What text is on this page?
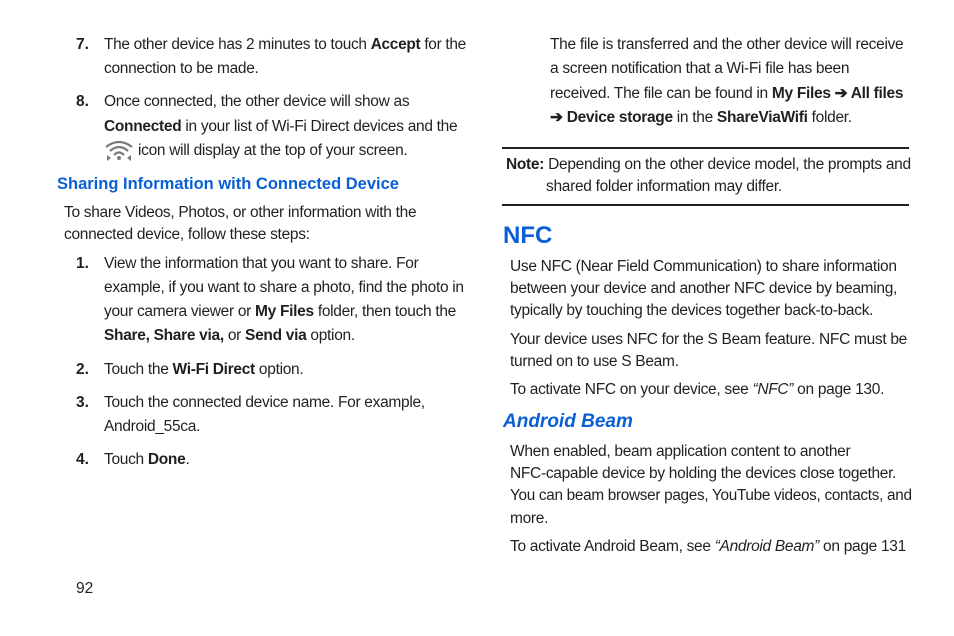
7. The other device has 2 minutes to touch Accept for the

connection to be made.

8. Once connected, the other device will show as

Connected in your list of Wi-Fi Direct devices and the

icon will display at the top of your screen.

Sharing Information with Connected Device

To share Videos, Photos, or other information with the

connected device, follow these steps:

1. View the information that you want to share. For

example, if you want to share a photo, find the photo in

your camera viewer or My Files folder, then touch the

Share, Share via, or Send via option.

2. Touch the Wi-Fi Direct option.

3. Touch the connected device name. For example,

Android_55ca.

4. Touch Done.

92

The file is transferred and the other device will receive

a screen notification that a Wi-Fi file has been

received. The file can be found in My Files ➔ All files

➔ Device storage in the ShareViaWifi folder.

Note: Depending on the other device model, the prompts and

shared folder information may differ.

NFC

Use NFC (Near Field Communication) to share information

between your device and another NFC device by beaming,

typically by touching the devices together back-to-back.

Your device uses NFC for the S Beam feature. NFC must be

turned on to use S Beam.

To activate NFC on your device, see “NFC” on page 130.

Android Beam

When enabled, beam application content to another

NFC-capable device by holding the devices close together.

You can beam browser pages, YouTube videos, contacts, and

more.

To activate Android Beam, see “Android Beam” on page 131
